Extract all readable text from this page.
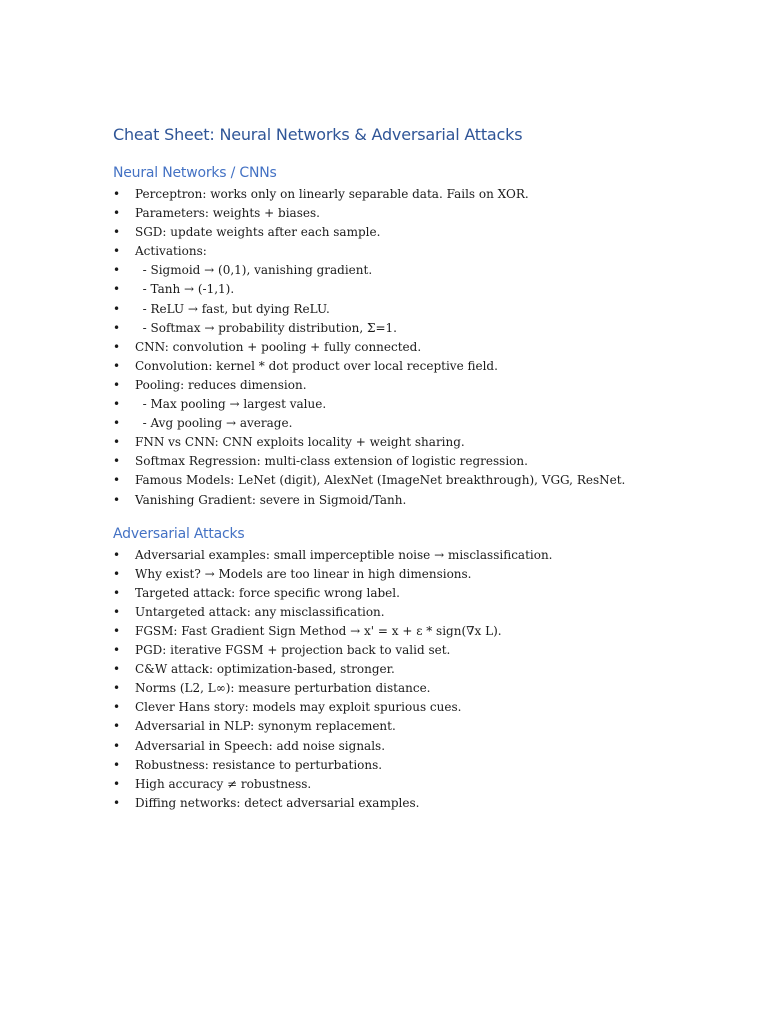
Cheat Sheet: Neural Networks & Adversarial Attacks
Neural Networks / CNNs
• Perceptron: works only on linearly separable data. Fails on XOR.
• Parameters: weights + biases.
• SGD: update weights after each sample.
• Activations:
• - Sigmoid → (0,1), vanishing gradient.
• - Tanh → (-1,1).
• - ReLU → fast, but dying ReLU.
• - Softmax → probability distribution, Σ=1.
• CNN: convolution + pooling + fully connected.
• Convolution: kernel * dot product over local receptive field.
• Pooling: reduces dimension.
• - Max pooling → largest value.
• - Avg pooling → average.
• FNN vs CNN: CNN exploits locality + weight sharing.
• Softmax Regression: multi-class extension of logistic regression.
• Famous Models: LeNet (digit), AlexNet (ImageNet breakthrough), VGG, ResNet.
• Vanishing Gradient: severe in Sigmoid/Tanh.
Adversarial Attacks
• Adversarial examples: small imperceptible noise → misclassification.
• Why exist? → Models are too linear in high dimensions.
• Targeted attack: force specific wrong label.
• Untargeted attack: any misclassification.
• FGSM: Fast Gradient Sign Method → x' = x + ε * sign(∇x L).
• PGD: iterative FGSM + projection back to valid set.
• C&W attack: optimization-based, stronger.
• Norms (L2, L∞): measure perturbation distance.
• Clever Hans story: models may exploit spurious cues.
• Adversarial in NLP: synonym replacement.
• Adversarial in Speech: add noise signals.
• Robustness: resistance to perturbations.
• High accuracy ≠ robustness.
• Diffing networks: detect adversarial examples.
